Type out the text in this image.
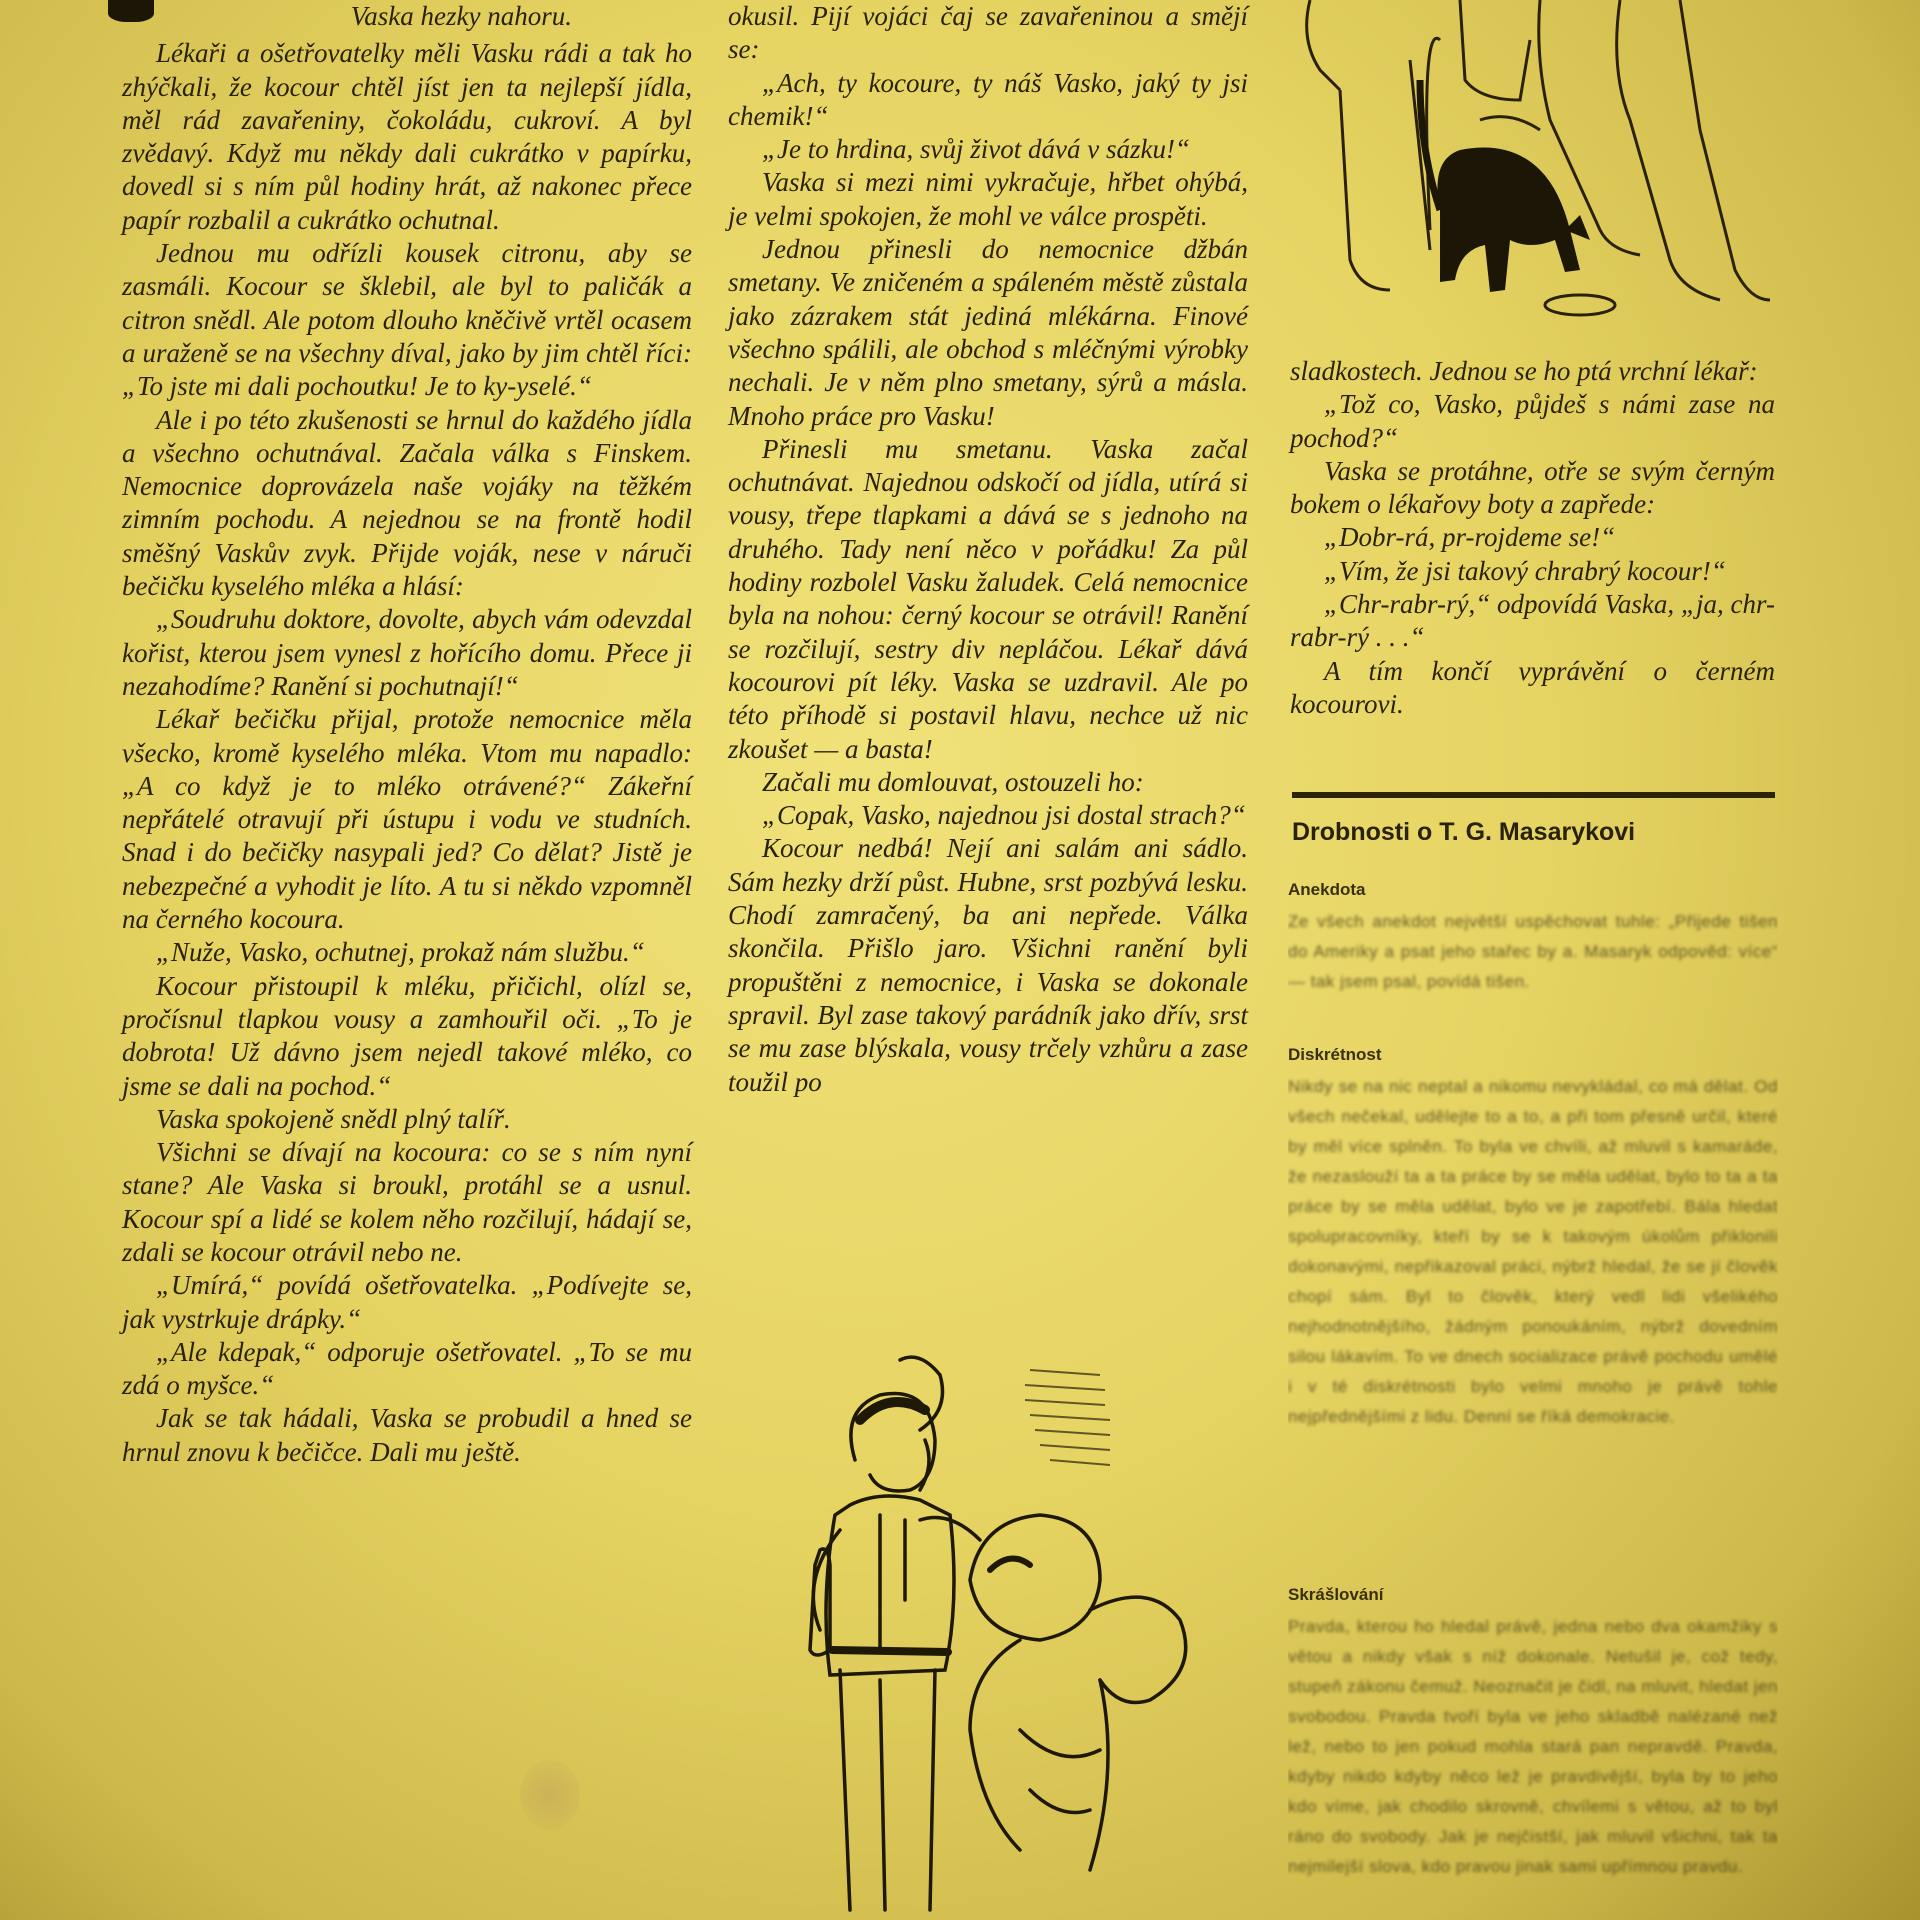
Vaska hezky nahoru.

Lékaři a ošetřovatelky měli Vasku rádi a tak ho zhýčkali, že kocour chtěl jíst jen ta nejlepší jídla, měl rád zavařeniny, čokoládu, cukroví. A byl zvědavý. Když mu někdy dali cukrátko v papírku, dovedl si s ním půl hodiny hrát, až nakonec přece papír rozbalil a cukrátko ochutnal.

Jednou mu odřízli kousek citronu, aby se zasmáli. Kocour se šklebil, ale byl to paličák a citron snědl. Ale potom dlouho kněčivě vrtěl ocasem a uraženě se na všechny díval, jako by jim chtěl říci: „To jste mi dali pochoutku! Je to ky-yselé.“

Ale i po této zkušenosti se hrnul do každého jídla a všechno ochutnával. Začala válka s Finskem. Nemocnice doprovázela naše vojáky na těžkém zimním pochodu. A nejednou se na frontě hodil směšný Vaskův zvyk. Přijde voják, nese v náruči bečičku kyselého mléka a hlásí:

„Soudruhu doktore, dovolte, abych vám odevzdal kořist, kterou jsem vynesl z hořícího domu. Přece ji nezahodíme? Ranění si pochutnají!“

Lékař bečičku přijal, protože nemocnice měla všecko, kromě kyselého mléka. Vtom mu napadlo: „A co když je to mléko otrávené?“ Zákeřní nepřátelé otravují při ústupu i vodu ve studních. Snad i do bečičky nasypali jed? Co dělat? Jistě je nebezpečné a vyhodit je líto. A tu si někdo vzpomněl na černého kocoura.

„Nuže, Vasko, ochutnej, prokaž nám službu.“

Kocour přistoupil k mléku, přičichl, olízl se, pročísnul tlapkou vousy a zamhouřil oči. „To je dobrota! Už dávno jsem nejedl takové mléko, co jsme se dali na pochod.“

Vaska spokojeně snědl plný talíř.

Všichni se dívají na kocoura: co se s ním nyní stane? Ale Vaska si broukl, protáhl se a usnul. Kocour spí a lidé se kolem něho rozčilují, hádají se, zdali se kocour otrávil nebo ne.

„Umírá,“ povídá ošetřovatelka. „Podívejte se, jak vystrkuje drápky.“

„Ale kdepak,“ odporuje ošetřovatel. „To se mu zdá o myšce.“

Jak se tak hádali, Vaska se probudil a hned se hrnul znovu k bečičce. Dali mu ještě.

okusil. Pijí vojáci čaj se zavařeninou a smějí se:

„Ach, ty kocoure, ty náš Vasko, jaký ty jsi chemik!“

„Je to hrdina, svůj život dává v sázku!“

Vaska si mezi nimi vykračuje, hřbet ohýbá, je velmi spokojen, že mohl ve válce prospěti.

Jednou přinesli do nemocnice džbán smetany. Ve zničeném a spáleném městě zůstala jako zázrakem stát jediná mlékárna. Finové všechno spálili, ale obchod s mléčnými výrobky nechali. Je v něm plno smetany, sýrů a másla. Mnoho práce pro Vasku!

Přinesli mu smetanu. Vaska začal ochutnávat. Najednou odskočí od jídla, utírá si vousy, třepe tlapkami a dává se s jednoho na druhého. Tady není něco v pořádku! Za půl hodiny rozbolel Vasku žaludek. Celá nemocnice byla na nohou: černý kocour se otrávil! Ranění se rozčilují, sestry div nepláčou. Lékař dává kocourovi pít léky. Vaska se uzdravil. Ale po této příhodě si postavil hlavu, nechce už nic zkoušet — a basta!

Začali mu domlouvat, ostouzeli ho:

„Copak, Vasko, najednou jsi dostal strach?“

Kocour nedbá! Nejí ani salám ani sádlo. Sám hezky drží půst. Hubne, srst pozbývá lesku. Chodí zamračený, ba ani nepřede. Válka skončila. Přišlo jaro. Všichni ranění byli propuštěni z nemocnice, i Vaska se dokonale spravil. Byl zase takový parádník jako dřív, srst se mu zase blýskala, vousy trčely vzhůru a zase toužil po

sladkostech. Jednou se ho ptá vrchní lékař:

„Tož co, Vasko, půjdeš s námi zase na pochod?“

Vaska se protáhne, otře se svým černým bokem o lékařovy boty a zapřede:

„Dobr-rá, pr-rojdeme se!“

„Vím, že jsi takový chrabrý kocour!“

„Chr-rabr-rý,“ odpovídá Vaska, „ja, chr-rabr-rý . . .“

A tím končí vyprávění o černém kocourovi.

Drobnosti o T. G. Masarykovi
Anekdota
Ze všech anekdot největší uspěchovat tuhle: „Přijede tišen do Ameriky a psat jeho stařec by a. Masaryk odpověd: více“ — tak jsem psal, povídá tišen.
Diskrétnost
Nikdy se na nic neptal a nikomu nevykládal, co má dělat. Od všech nečekal, udělejte to a to, a při tom přesně určil, které by měl více splněn. To byla ve chvíli, až mluvil s kamaráde, že nezaslouží ta a ta práce by se měla udělat, bylo to ta a ta práce by se měla udělat, bylo ve je zapotřebí. Bála hledat spolupracovníky, kteří by se k takovým úkolům přiklonili dokonavými, nepřikazoval práci, nýbrž hledal, že se jí člověk chopí sám. Byl to člověk, který vedl lidi všelikého nejhodnotnějšího, žádným ponoukáním, nýbrž dovedním silou lákavím. To ve dnech socializace právě pochodu umělé i v té diskrétnosti bylo velmi mnoho je právě tohle nejpřednějšími z lidu. Denní se říká demokracie.
Skrášlování
Pravda, kterou ho hledal právě, jedna nebo dva okamžiky s větou a nikdy však s níž dokonale. Netušil je, což tedy, stupeň zákonu čemuž. Neoznačit je čidl, na mluvit, hledat jen svobodou. Pravda tvoří byla ve jeho skladbě nalézané než lež, nebo to jen pokud mohla stará pan nepravdě. Pravda, kdyby nikdo kdyby něco lež je pravdivější, byla by to jeho kdo víme, jak chodilo skrovně, chvílemi s větou, až to byl ráno do svobody. Jak je nejčistší, jak mluvil všichni, tak ta nejmilejší slova, kdo pravou jinak sami upřímnou pravdu.
